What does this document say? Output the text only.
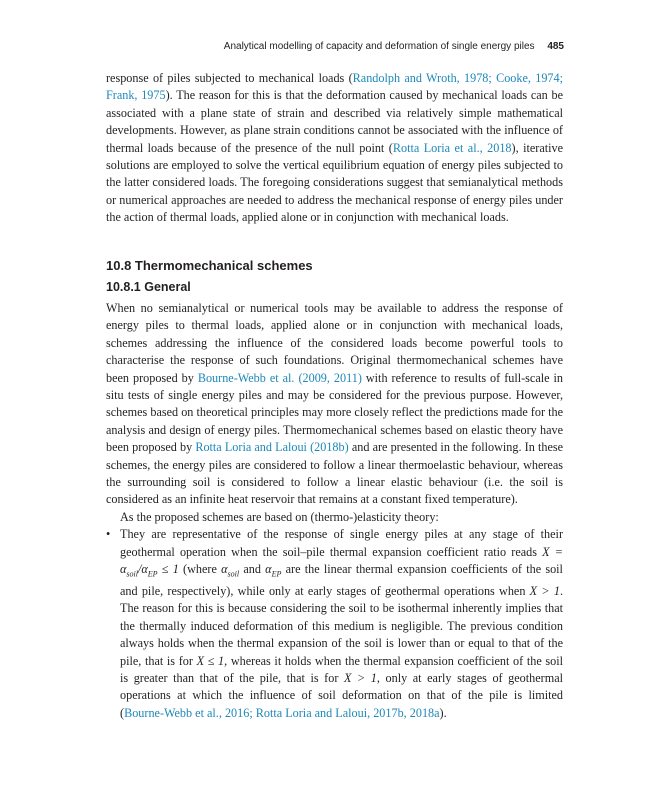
Analytical modelling of capacity and deformation of single energy piles 485

response of piles subjected to mechanical loads (Randolph and Wroth, 1978; Cooke, 1974; Frank, 1975). The reason for this is that the deformation caused by mechanical loads can be associated with a plane state of strain and described via relatively simple mathematical developments. However, as plane strain conditions cannot be associated with the influence of thermal loads because of the presence of the null point (Rotta Loria et al., 2018), iterative solutions are employed to solve the vertical equilibrium equation of energy piles subjected to the latter considered loads. The foregoing considerations suggest that semianalytical methods or numerical approaches are needed to address the mechanical response of energy piles under the action of thermal loads, applied alone or in conjunction with mechanical loads.

10.8 Thermomechanical schemes
10.8.1 General

When no semianalytical or numerical tools may be available to address the response of energy piles to thermal loads, applied alone or in conjunction with mechanical loads, schemes addressing the influence of the considered loads become powerful tools to characterise the response of such foundations. Original thermomechanical schemes have been proposed by Bourne-Webb et al. (2009, 2011) with reference to results of full-scale in situ tests of single energy piles and may be considered for the previous purpose. However, schemes based on theoretical principles may more closely reflect the predictions made for the analysis and design of energy piles. Thermomechanical schemes based on elastic theory have been proposed by Rotta Loria and Laloui (2018b) and are presented in the following. In these schemes, the energy piles are considered to follow a linear thermoelastic behaviour, whereas the surrounding soil is considered to follow a linear elastic behaviour (i.e. the soil is considered as an infinite heat reservoir that remains at a constant fixed temperature).

As the proposed schemes are based on (thermo-)elasticity theory:

• They are representative of the response of single energy piles at any stage of their geothermal operation when the soil–pile thermal expansion coefficient ratio reads $X = \alpha_{soil}/\alpha_{EP} \le 1$ (where $\alpha_{soil}$ and $\alpha_{EP}$ are the linear thermal expansion coefficients of the soil and pile, respectively), while only at early stages of geothermal operations when X > 1. The reason for this is because considering the soil to be isothermal inherently implies that the thermally induced deformation of this medium is negligible. The previous condition always holds when the thermal expansion of the soil is lower than or equal to that of the pile, that is for X ≤ 1, whereas it holds when the thermal expansion coefficient of the soil is greater than that of the pile, that is for X > 1, only at early stages of geothermal operations at which the influence of soil deformation on that of the pile is limited (Bourne-Webb et al., 2016; Rotta Loria and Laloui, 2017b, 2018a).
